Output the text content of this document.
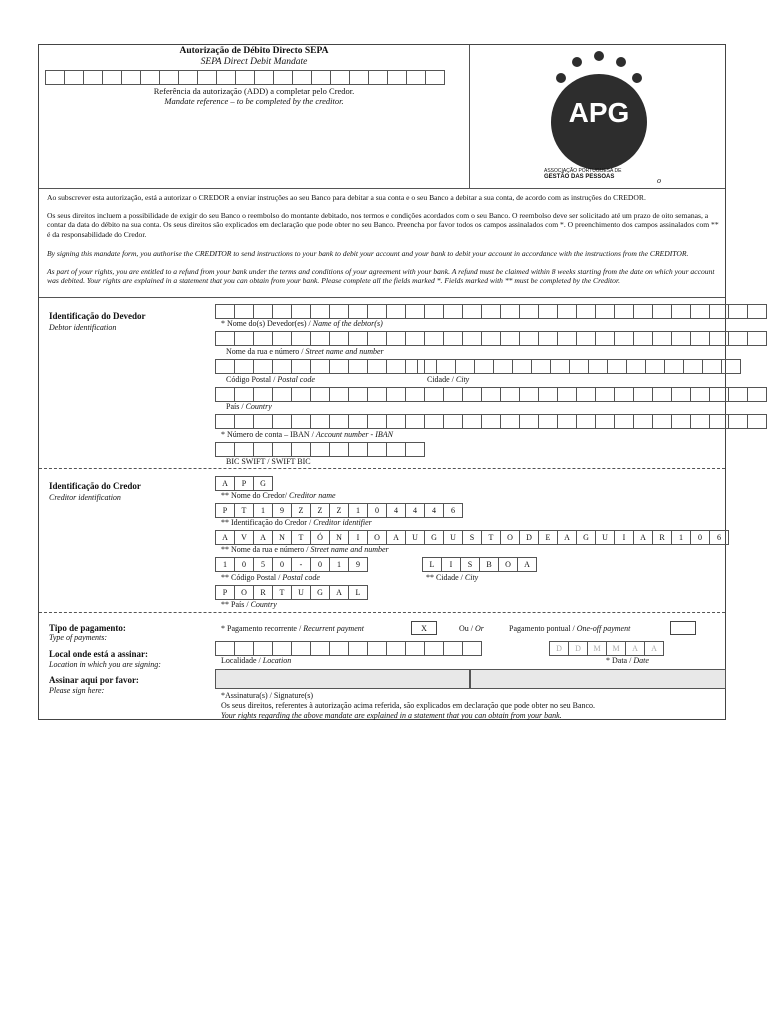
Autorização de Débito Directo SEPA
SEPA Direct Debit Mandate
Referência da autorização (ADD) a completar pelo Credor.
Mandate reference – to be completed by the creditor.	APG
ASSOCIAÇÃO PORTUGUESA DE
GESTÃO DAS PESSOAS	o
Ao subscrever esta autorização, está a autorizar o CREDOR a enviar instruções ao seu Banco para debitar a sua conta e o seu Banco a debitar a sua conta, de acordo com as instruções do CREDOR.
Os seus direitos incluem a possibilidade de exigir do seu Banco o reembolso do montante debitado, nos termos e condições acordados com o seu Banco. O reembolso deve ser solicitado até um prazo de oito semanas, a contar da data do débito na sua conta. Os seus direitos são explicados em declaração que pode obter no seu Banco. Preencha por favor todos os campos assinalados com *. O preenchimento dos campos assinalados com ** é da responsabilidade do Credor.
By signing this mandate form, you authorise the CREDITOR to send instructions to your bank to debit your account and your bank to debit your account in accordance with the instructions from the CREDITOR.
As part of your rights, you are entitled to a refund from your bank under the terms and conditions of your agreement with your bank. A refund must be claimed within 8 weeks starting from the date on which your account was debited. Your rights are explained in a statement that you can obtain from your bank. Please complete all the fields marked *. Fields marked with ** must be completed by the Creditor.
Identificação do Devedor
Debtor identification	* Nome do(s) Devedor(es) / Name of the debtor(s)
Nome da rua e número / Street name and number
Código Postal / Postal code	Cidade / City
País / Country
* Número de conta – IBAN / Account number - IBAN
BIC SWIFT / SWIFT BIC
Identificação do Credor
Creditor identification
A	P	G
** Nome do Credor/ Creditor name
P	T	1	9	Z	Z	Z	1	0	4	4	4	6
** Identificação do Credor / Creditor identifier
A	V	A	N	T	Ó	N	I	O	A	U	G	U	S	T	O	D	E	A	G	U	I	A	R	1	0	6
** Nome da rua e número / Street name and number
1	0	5	0	-	0	1	9	L	I	S	B	O	A
** Código Postal / Postal code	** Cidade / City
P	O	R	T	U	G	A	L
** País / Country
Tipo de pagamento:
Type of payments:
* Pagamento recorrente / Recurrent payment	X	Ou / Or	Pagamento pontual / One-off payment
Local onde está a assinar:
Location in which you are signing:	Localidade / Location
D	D	M	M	A	A
* Data / Date
Assinar aqui por favor:
Please sign here:
*Assinatura(s) / Signature(s)
Os seus direitos, referentes à autorização acima referida, são explicados em declaração que pode obter no seu Banco.
Your rights regarding the above mandate are explained in a statement that you can obtain from your bank.
